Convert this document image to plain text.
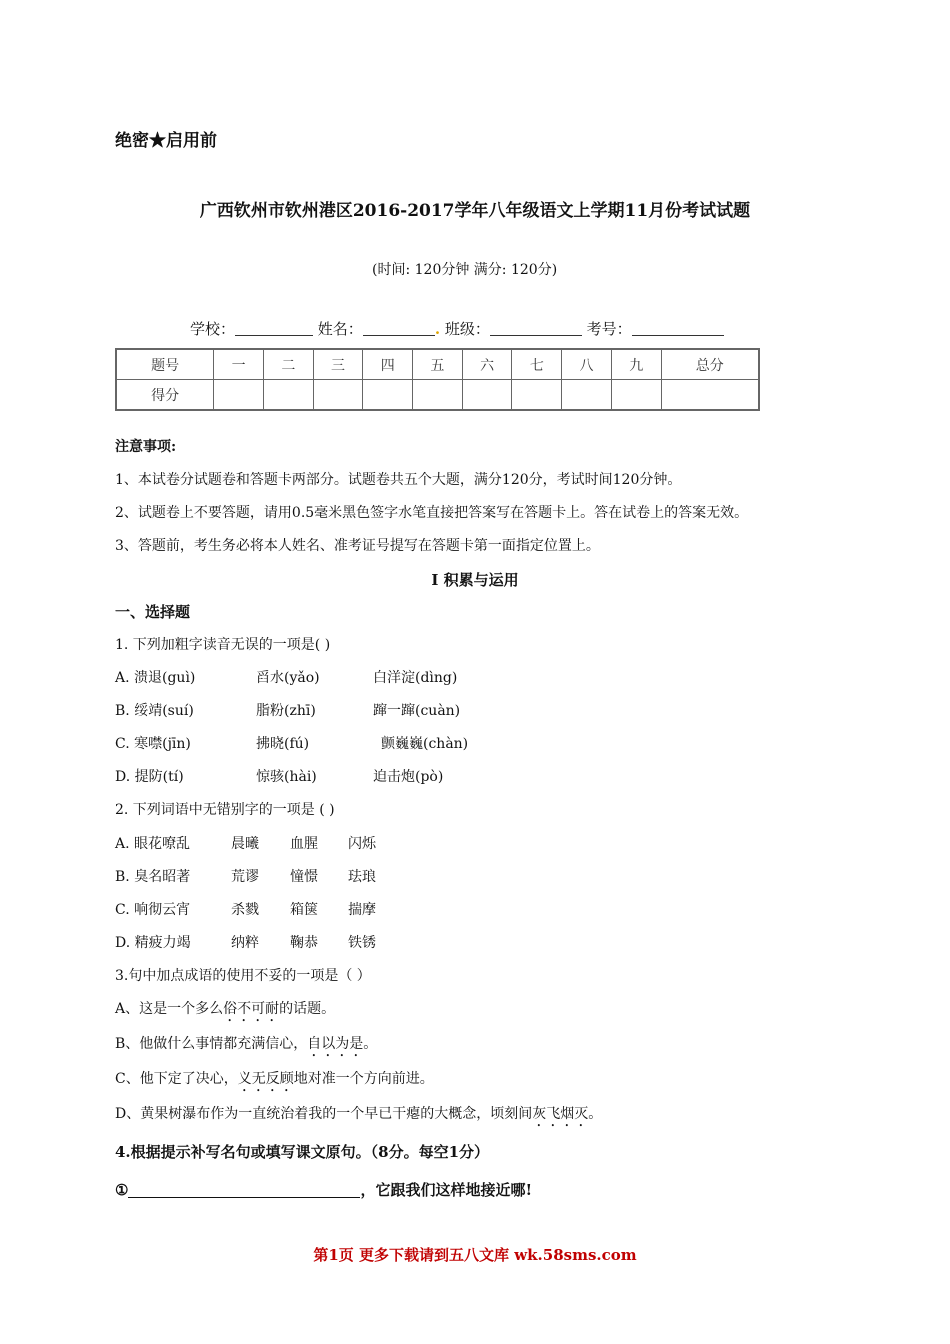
绝密★启用前
广西钦州市钦州港区2016-2017学年八年级语文上学期11月份考试试题
(时间: 120分钟 满分: 120分)
学校：	姓名：	. 班级：	考号：
题号	一	二	三	四	五	六	七	八	九	总分
得分										
注意事项:
1、本试卷分试题卷和答题卡两部分。试题卷共五个大题，满分120分，考试时间120分钟。
2、试题卷上不要答题，请用0.5毫米黑色签字水笔直接把答案写在答题卡上。答在试卷上的答案无效。
3、答题前，考生务必将本人姓名、准考证号提写在答题卡第一面指定位置上。
I 积累与运用
一、选择题
1. 下列加粗字读音无误的一项是( )
A. 溃退(guì)	舀水(yǎo)	白洋淀(dìng)
B. 绥靖(suí)	脂粉(zhī)	蹿一蹿(cuàn)
C. 寒噤(jīn)	拂晓(fú)	颤巍巍(chàn)
D. 提防(tí)	惊骇(hài)	迫击炮(pò)
2. 下列词语中无错别字的一项是 ( )
A. 眼花嘹乱	晨曦 血腥 闪烁
B. 臭名昭著	荒谬 憧憬 珐琅
C. 响彻云宵	杀戮 箱箧 揣摩
D. 精疲力竭	纳粹 鞠恭 铁锈
3.句中加点成语的使用不妥的一项是（ ）
A、这是一个多么俗不可耐的话题。
B、他做什么事情都充满信心，自以为是。
C、他下定了决心，义无反顾地对准一个方向前进。
D、黄果树瀑布作为一直统治着我的一个早已干瘪的大概念，顷刻间灰飞烟灭。
4.根据提示补写名句或填写课文原句。（8分。每空1分）
①	，它跟我们这样地接近哪!
第1页 更多下载请到五八文库 wk.58sms.com
